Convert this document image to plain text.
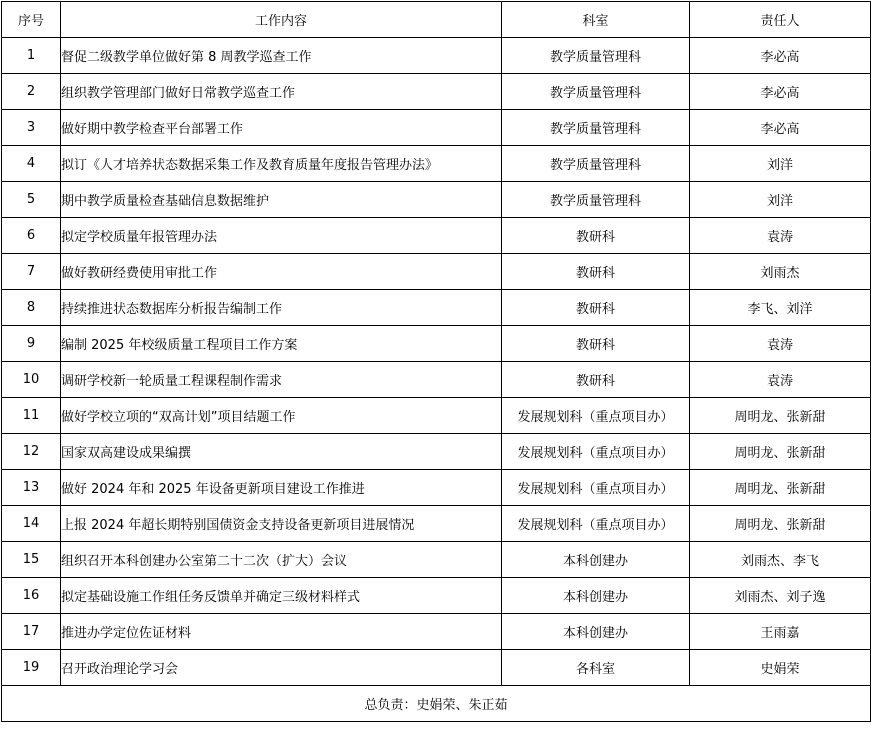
序号	工作内容	科室	责任人
1	督促二级教学单位做好第 8 周教学巡查工作	教学质量管理科	李必高
2	组织教学管理部门做好日常教学巡查工作	教学质量管理科	李必高
3	做好期中教学检查平台部署工作	教学质量管理科	李必高
4	拟订《人才培养状态数据采集工作及教育质量年度报告管理办法》	教学质量管理科	刘洋
5	期中教学质量检查基础信息数据维护	教学质量管理科	刘洋
6	拟定学校质量年报管理办法	教研科	袁涛
7	做好教研经费使用审批工作	教研科	刘雨杰
8	持续推进状态数据库分析报告编制工作	教研科	李飞、刘洋
9	编制 2025 年校级质量工程项目工作方案	教研科	袁涛
10	调研学校新一轮质量工程课程制作需求	教研科	袁涛
11	做好学校立项的“双高计划”项目结题工作	发展规划科（重点项目办）	周明龙、张新甜
12	国家双高建设成果编撰	发展规划科（重点项目办）	周明龙、张新甜
13	做好 2024 年和 2025 年设备更新项目建设工作推进	发展规划科（重点项目办）	周明龙、张新甜
14	上报 2024 年超长期特别国债资金支持设备更新项目进展情况	发展规划科（重点项目办）	周明龙、张新甜
15	组织召开本科创建办公室第二十二次（扩大）会议	本科创建办	刘雨杰、李飞
16	拟定基础设施工作组任务反馈单并确定三级材料样式	本科创建办	刘雨杰、刘子逸
17	推进办学定位佐证材料	本科创建办	王雨嘉
19	召开政治理论学习会	各科室	史娟荣
总负责：史娟荣、朱正茹			
